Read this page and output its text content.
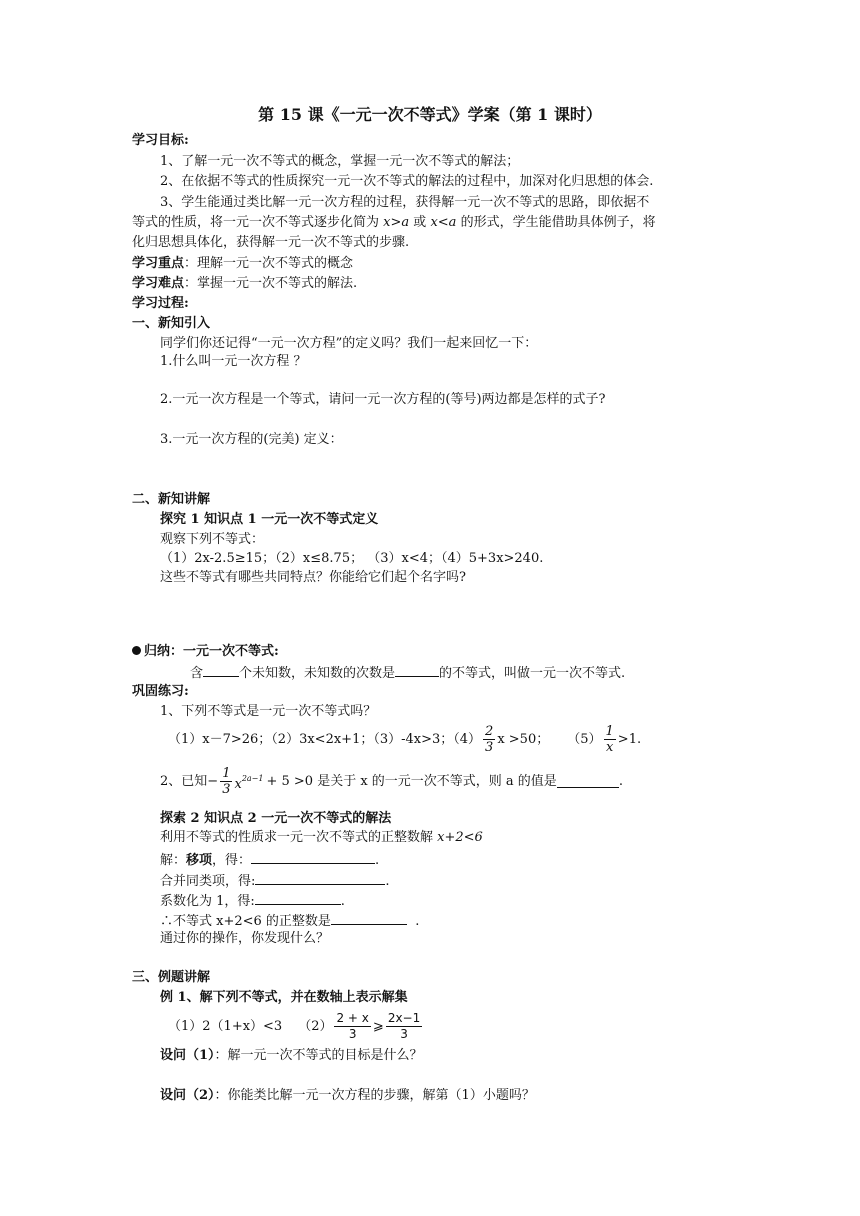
第 15 课《一元一次不等式》学案（第 1 课时）
学习目标:
1、了解一元一次不等式的概念，掌握一元一次不等式的解法；
2、在依据不等式的性质探究一元一次不等式的解法的过程中，加深对化归思想的体会.
3、学生能通过类比解一元一次方程的过程，获得解一元一次不等式的思路，即依据不
等式的性质，将一元一次不等式逐步化简为 x>a 或 x<a 的形式，学生能借助具体例子，将
化归思想具体化，获得解一元一次不等式的步骤.
学习重点：理解一元一次不等式的概念
学习难点：掌握一元一次不等式的解法.
学习过程:
一、新知引入
同学们你还记得“一元一次方程”的定义吗？我们一起来回忆一下：
1.什么叫一元一次方程 ？
2.一元一次方程是一个等式，请问一元一次方程的(等号)两边都是怎样的式子?
3.一元一次方程的(完美) 定义：
二、新知讲解
探究 1 知识点 1 一元一次不等式定义
观察下列不等式：
（1）2x-2.5≥15；（2）x≤8.75； （3）x<4；（4）5+3x>240.
这些不等式有哪些共同特点？你能给它们起个名字吗?
归纳：一元一次不等式:
含	个未知数，未知数的次数是	的不等式，叫做一元一次不等式.
巩固练习:
1、下列不等式是一元一次不等式吗？
（1）x－7>26；（2）3x<2x+1；（3）-4x>3；$(4) \frac{2}{3}$ x >50； $(5) \frac{1}{x} >1$.
2、已知 − $\frac{1}{3} x^{2a-1} + 5 >0$ 是关于 x 的一元一次不等式，则 a 的值是	.
探索 2 知识点 2 一元一次不等式的解法
利用不等式的性质求一元一次不等式的正整数解 x+2<6
解：移项，得：	.
合并同类项，得:	.
系数化为 1，得:	.
∴不等式 x+2<6 的正整数是	.
通过你的操作，你发现什么？
三、例题讲解
例 1、解下列不等式，并在数轴上表示解集
（1）2（1+x）<3 $(2) \frac{2 + x}{3}$ ⩾ $\frac{2x-1}{3}$
设问（1）：解一元一次不等式的目标是什么？
设问（2）：你能类比解一元一次方程的步骤，解第（1）小题吗？
